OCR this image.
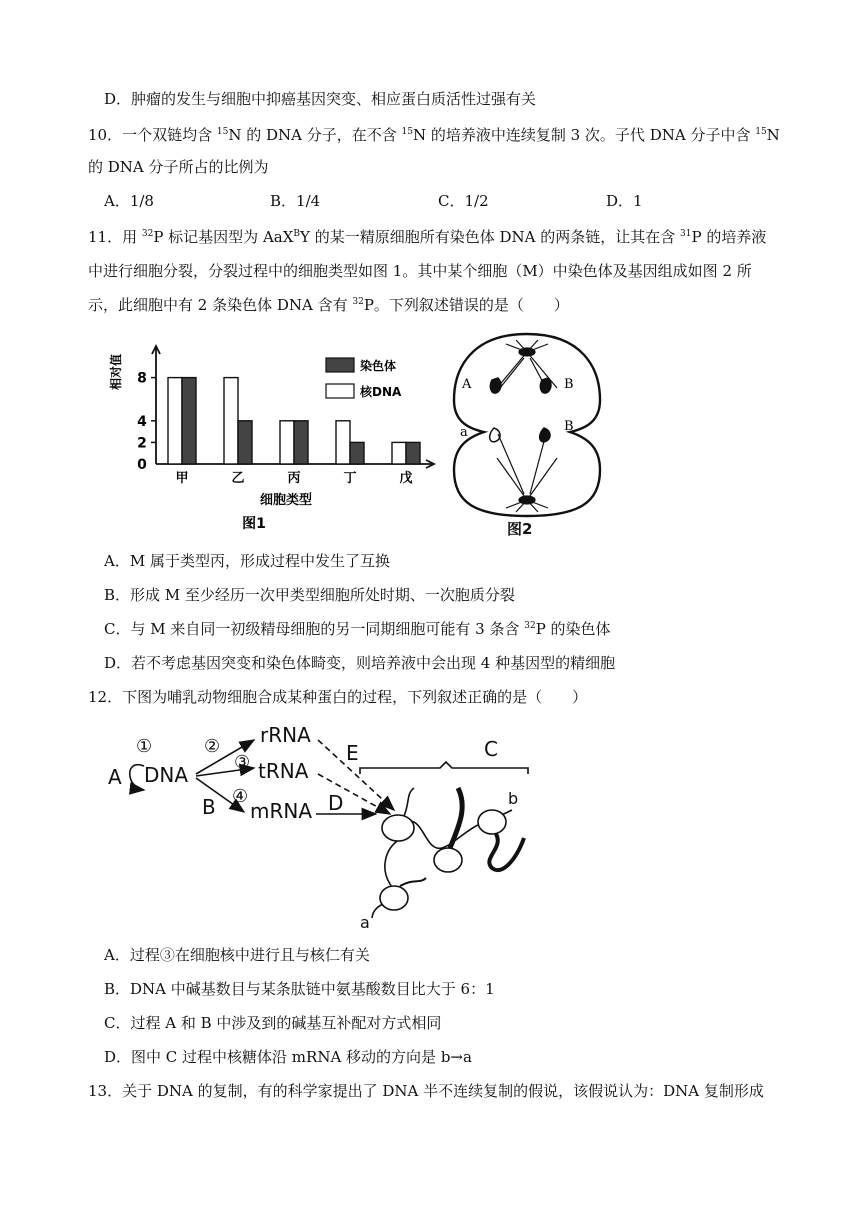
D．肿瘤的发生与细胞中抑癌基因突变、相应蛋白质活性过强有关
10．一个双链均含 $^{15}$N 的 DNA 分子，在不含 $^{15}$N 的培养液中连续复制 3 次。子代 DNA 分子中含 $^{15}$N
的 DNA 分子所占的比例为
A．1/8	B．1/4	C．1/2	D．1
11．用 $^{32}$P 标记基因型为 AaX$^B$Y 的某一精原细胞所有染色体 DNA 的两条链，让其在含 $^{31}$P 的培养液
中进行细胞分裂，分裂过程中的细胞类型如图 1。其中某个细胞（M）中染色体及基因组成如图 2 所
示，此细胞中有 2 条染色体 DNA 含有 $^{32}$P。下列叙述错误的是（　　）
0
2
4
8
相对值
甲	乙	丙	丁	戊
细胞类型
图1
染色体
核DNA	A	B
a	B
图2
A．M 属于类型丙，形成过程中发生了互换
B．形成 M 至少经历一次甲类型细胞所处时期、一次胞质分裂
C．与 M 来自同一初级精母细胞的另一同期细胞可能有 3 条含 $^{32}$P 的染色体
D．若不考虑基因突变和染色体畸变，则培养液中会出现 4 种基因型的精细胞
12．下图为哺乳动物细胞合成某种蛋白的过程，下列叙述正确的是（　　）
DNA
A
B
rRNA
tRNA
mRNA D
E	C
①	②
③
④
a
b
A．过程③在细胞核中进行且与核仁有关
B．DNA 中碱基数目与某条肽链中氨基酸数目比大于 6：1
C．过程 A 和 B 中涉及到的碱基互补配对方式相同
D．图中 C 过程中核糖体沿 mRNA 移动的方向是 b→a
13．关于 DNA 的复制，有的科学家提出了 DNA 半不连续复制的假说，该假说认为：DNA 复制形成
